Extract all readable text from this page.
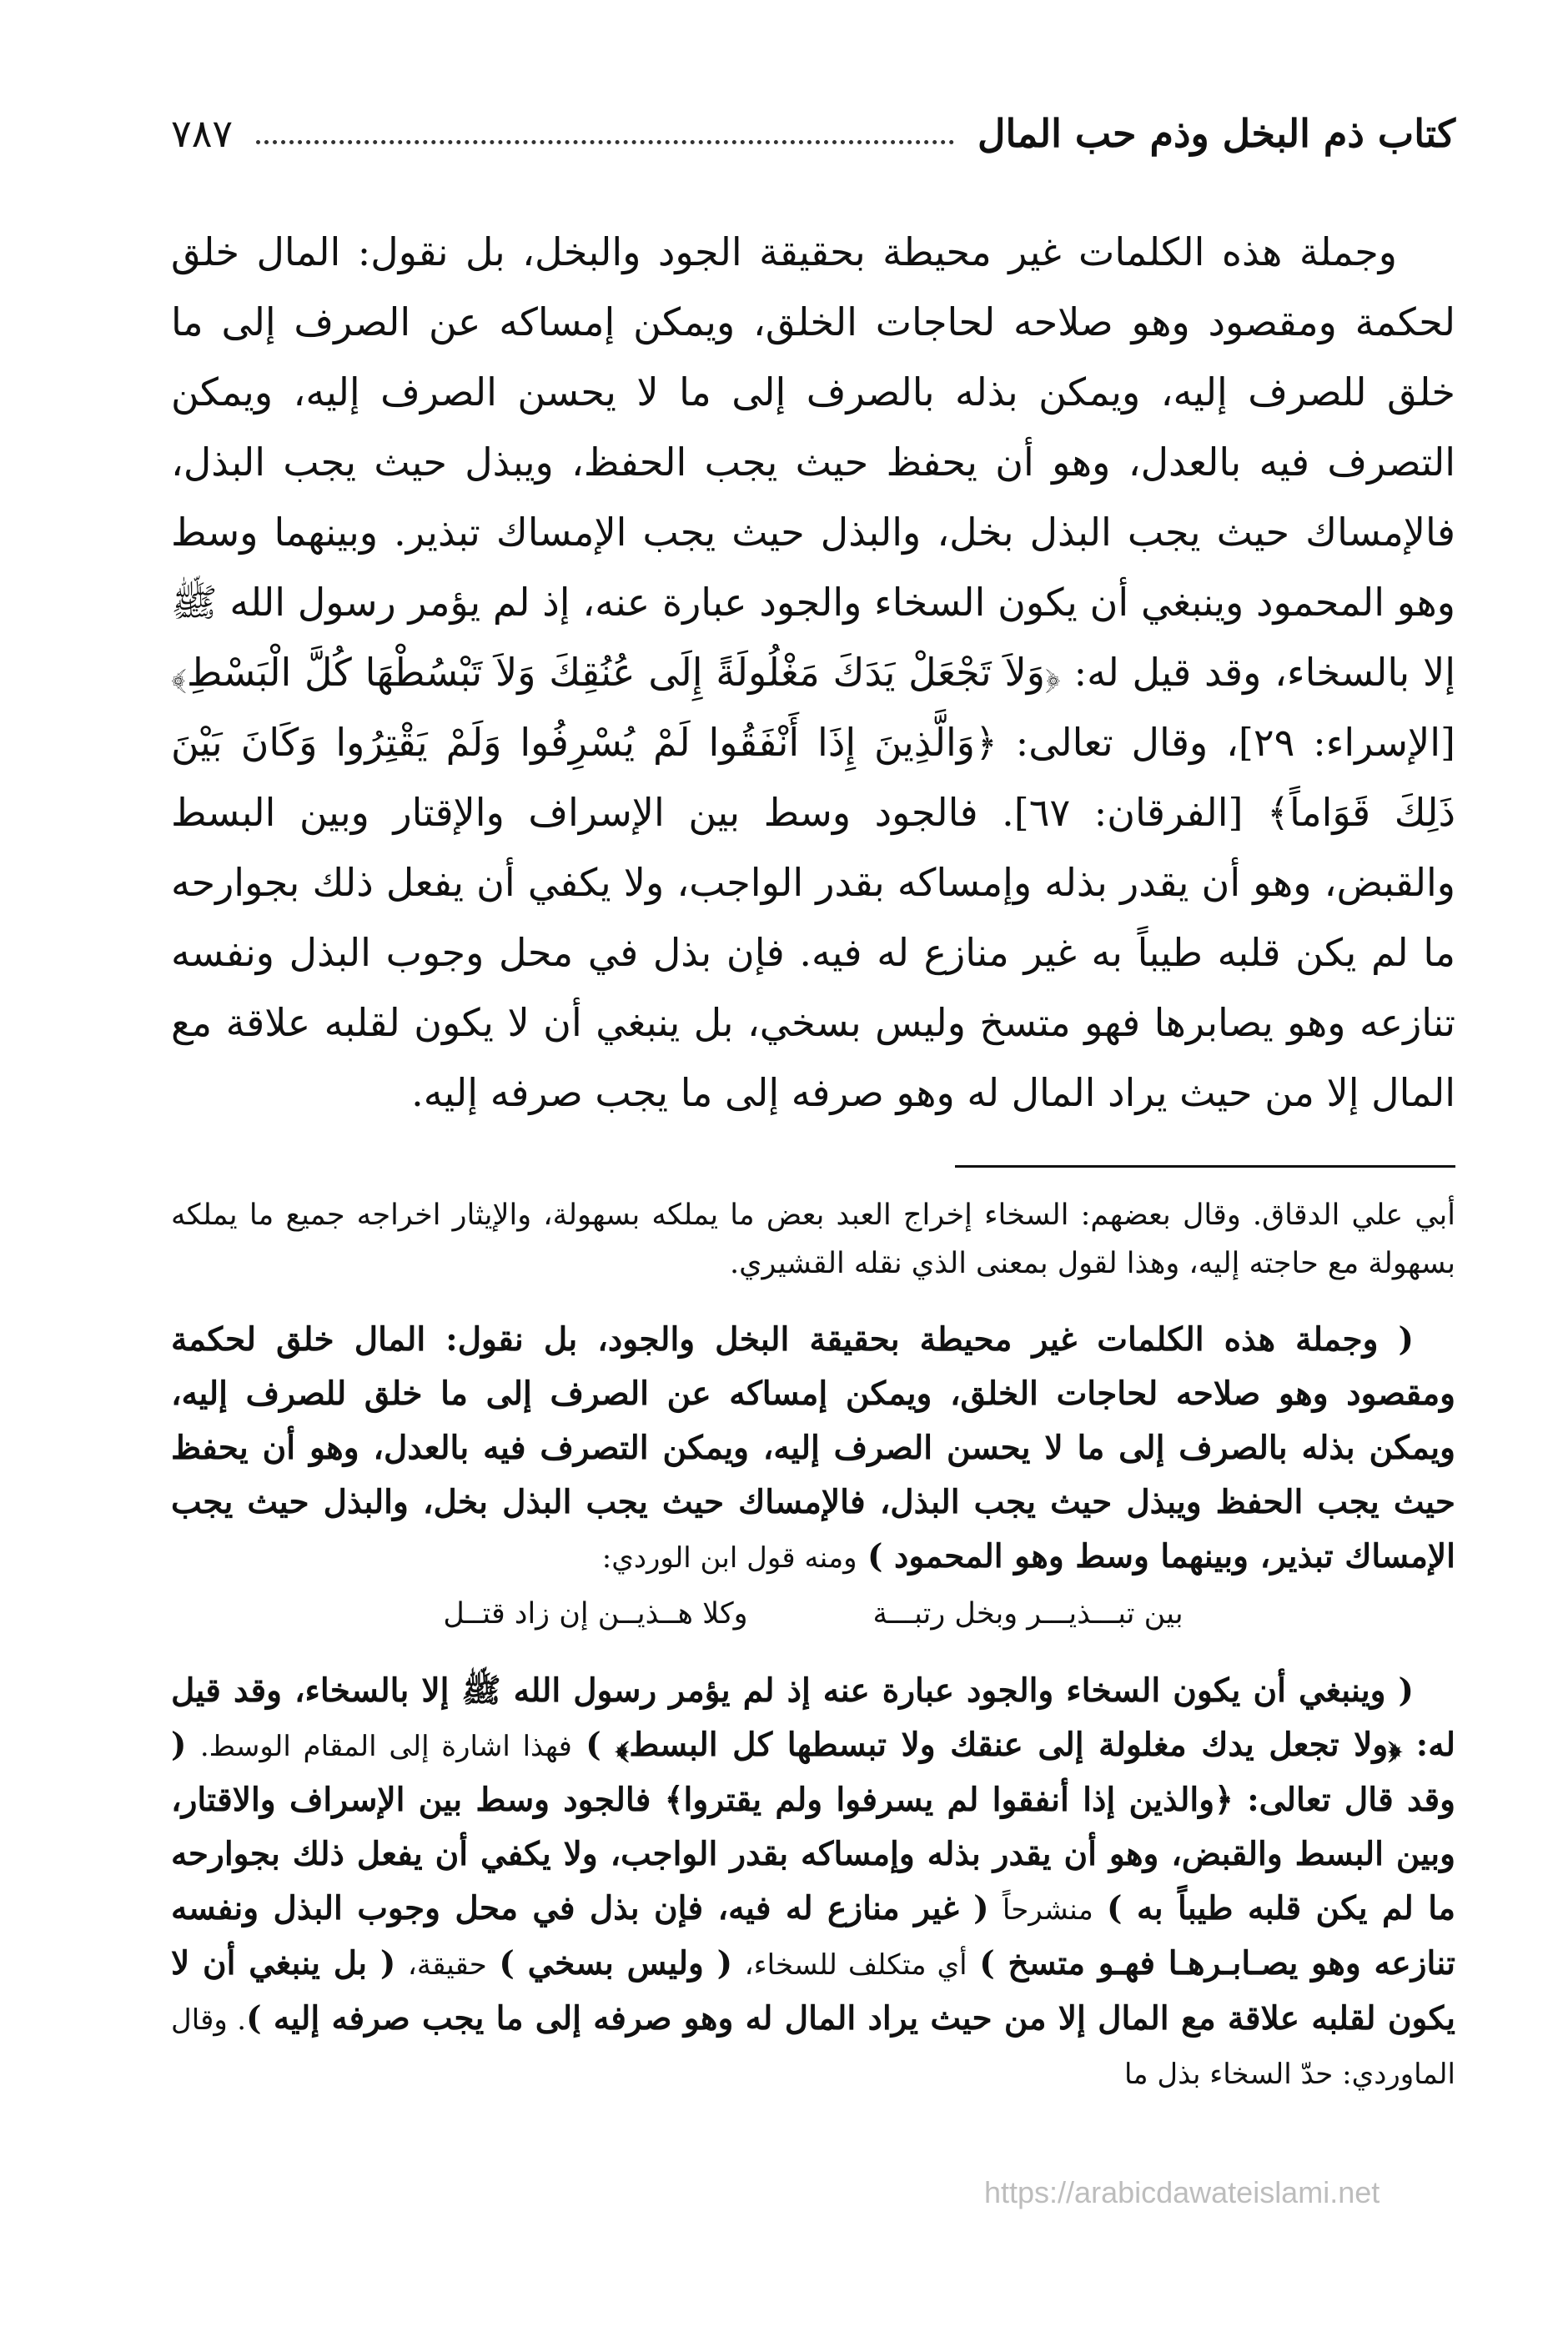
كتاب ذم البخل وذم حب المال
٧٨٧

وجملة هذه الكلمات غير محيطة بحقيقة الجود والبخل، بل نقول: المال خلق لحكمة ومقصود وهو صلاحه لحاجات الخلق، ويمكن إمساكه عن الصرف إلى ما خلق للصرف إليه، ويمكن بذله بالصرف إلى ما لا يحسن الصرف إليه، ويمكن التصرف فيه بالعدل، وهو أن يحفظ حيث يجب الحفظ، ويبذل حيث يجب البذل، فالإمساك حيث يجب البذل بخل، والبذل حيث يجب الإمساك تبذير. وبينهما وسط وهو المحمود وينبغي أن يكون السخاء والجود عبارة عنه، إذ لم يؤمر رسول الله ﷺ إلا بالسخاء، وقد قيل له: ﴿وَلاَ تَجْعَلْ يَدَكَ مَغْلُولَةً إِلَى عُنُقِكَ وَلاَ تَبْسُطْهَا كُلَّ الْبَسْطِ﴾ [الإسراء: ٢٩]، وقال تعالى: ﴿وَالَّذِينَ إِذَا أَنْفَقُوا لَمْ يُسْرِفُوا وَلَمْ يَقْتِرُوا وَكَانَ بَيْنَ ذَلِكَ قَوَاماً﴾ [الفرقان: ٦٧]. فالجود وسط بين الإسراف والإقتار وبين البسط والقبض، وهو أن يقدر بذله وإمساكه بقدر الواجب، ولا يكفي أن يفعل ذلك بجوارحه ما لم يكن قلبه طيباً به غير منازع له فيه. فإن بذل في محل وجوب البذل ونفسه تنازعه وهو يصابرها فهو متسخ وليس بسخي، بل ينبغي أن لا يكون لقلبه علاقة مع المال إلا من حيث يراد المال له وهو صرفه إلى ما يجب صرفه إليه.

أبي علي الدقاق. وقال بعضهم: السخاء إخراج العبد بعض ما يملكه بسهولة، والإيثار اخراجه جميع ما يملكه بسهولة مع حاجته إليه، وهذا لقول بمعنى الذي نقله القشيري.

( وجملة هذه الكلمات غير محيطة بحقيقة البخل والجود، بل نقول: المال خلق لحكمة ومقصود وهو صلاحه لحاجات الخلق، ويمكن إمساكه عن الصرف إلى ما خلق للصرف إليه، ويمكن بذله بالصرف إلى ما لا يحسن الصرف إليه، ويمكن التصرف فيه بالعدل، وهو أن يحفظ حيث يجب الحفظ ويبذل حيث يجب البذل، فالإمساك حيث يجب البذل بخل، والبذل حيث يجب الإمساك تبذير، وبينهما وسط وهو المحمود ) ومنه قول ابن الوردي:

بين تبـــذيـــر وبخل رتبـــة
وكلا هــذيــن إن زاد قتــل

( وينبغي أن يكون السخاء والجود عبارة عنه إذ لم يؤمر رسول الله ﷺ إلا بالسخاء، وقد قيل له: ﴿ولا تجعل يدك مغلولة إلى عنقك ولا تبسطها كل البسط﴾ ) فهذا اشارة إلى المقام الوسط. ( وقد قال تعالى: ﴿والذين إذا أنفقوا لم يسرفوا ولم يقتروا﴾ فالجود وسط بين الإسراف والاقتار، وبين البسط والقبض، وهو أن يقدر بذله وإمساكه بقدر الواجب، ولا يكفي أن يفعل ذلك بجوارحه ما لم يكن قلبه طيباً به ) منشرحاً ( غير منازع له فيه، فإن بذل في محل وجوب البذل ونفسه تنازعه وهو يصـابـرهـا فهـو متسخ ) أي متكلف للسخاء، ( وليس بسخي ) حقيقة، ( بل ينبغي أن لا يكون لقلبه علاقة مع المال إلا من حيث يراد المال له وهو صرفه إلى ما يجب صرفه إليه ). وقال الماوردي: حدّ السخاء بذل ما

https://arabicdawateislami.net
